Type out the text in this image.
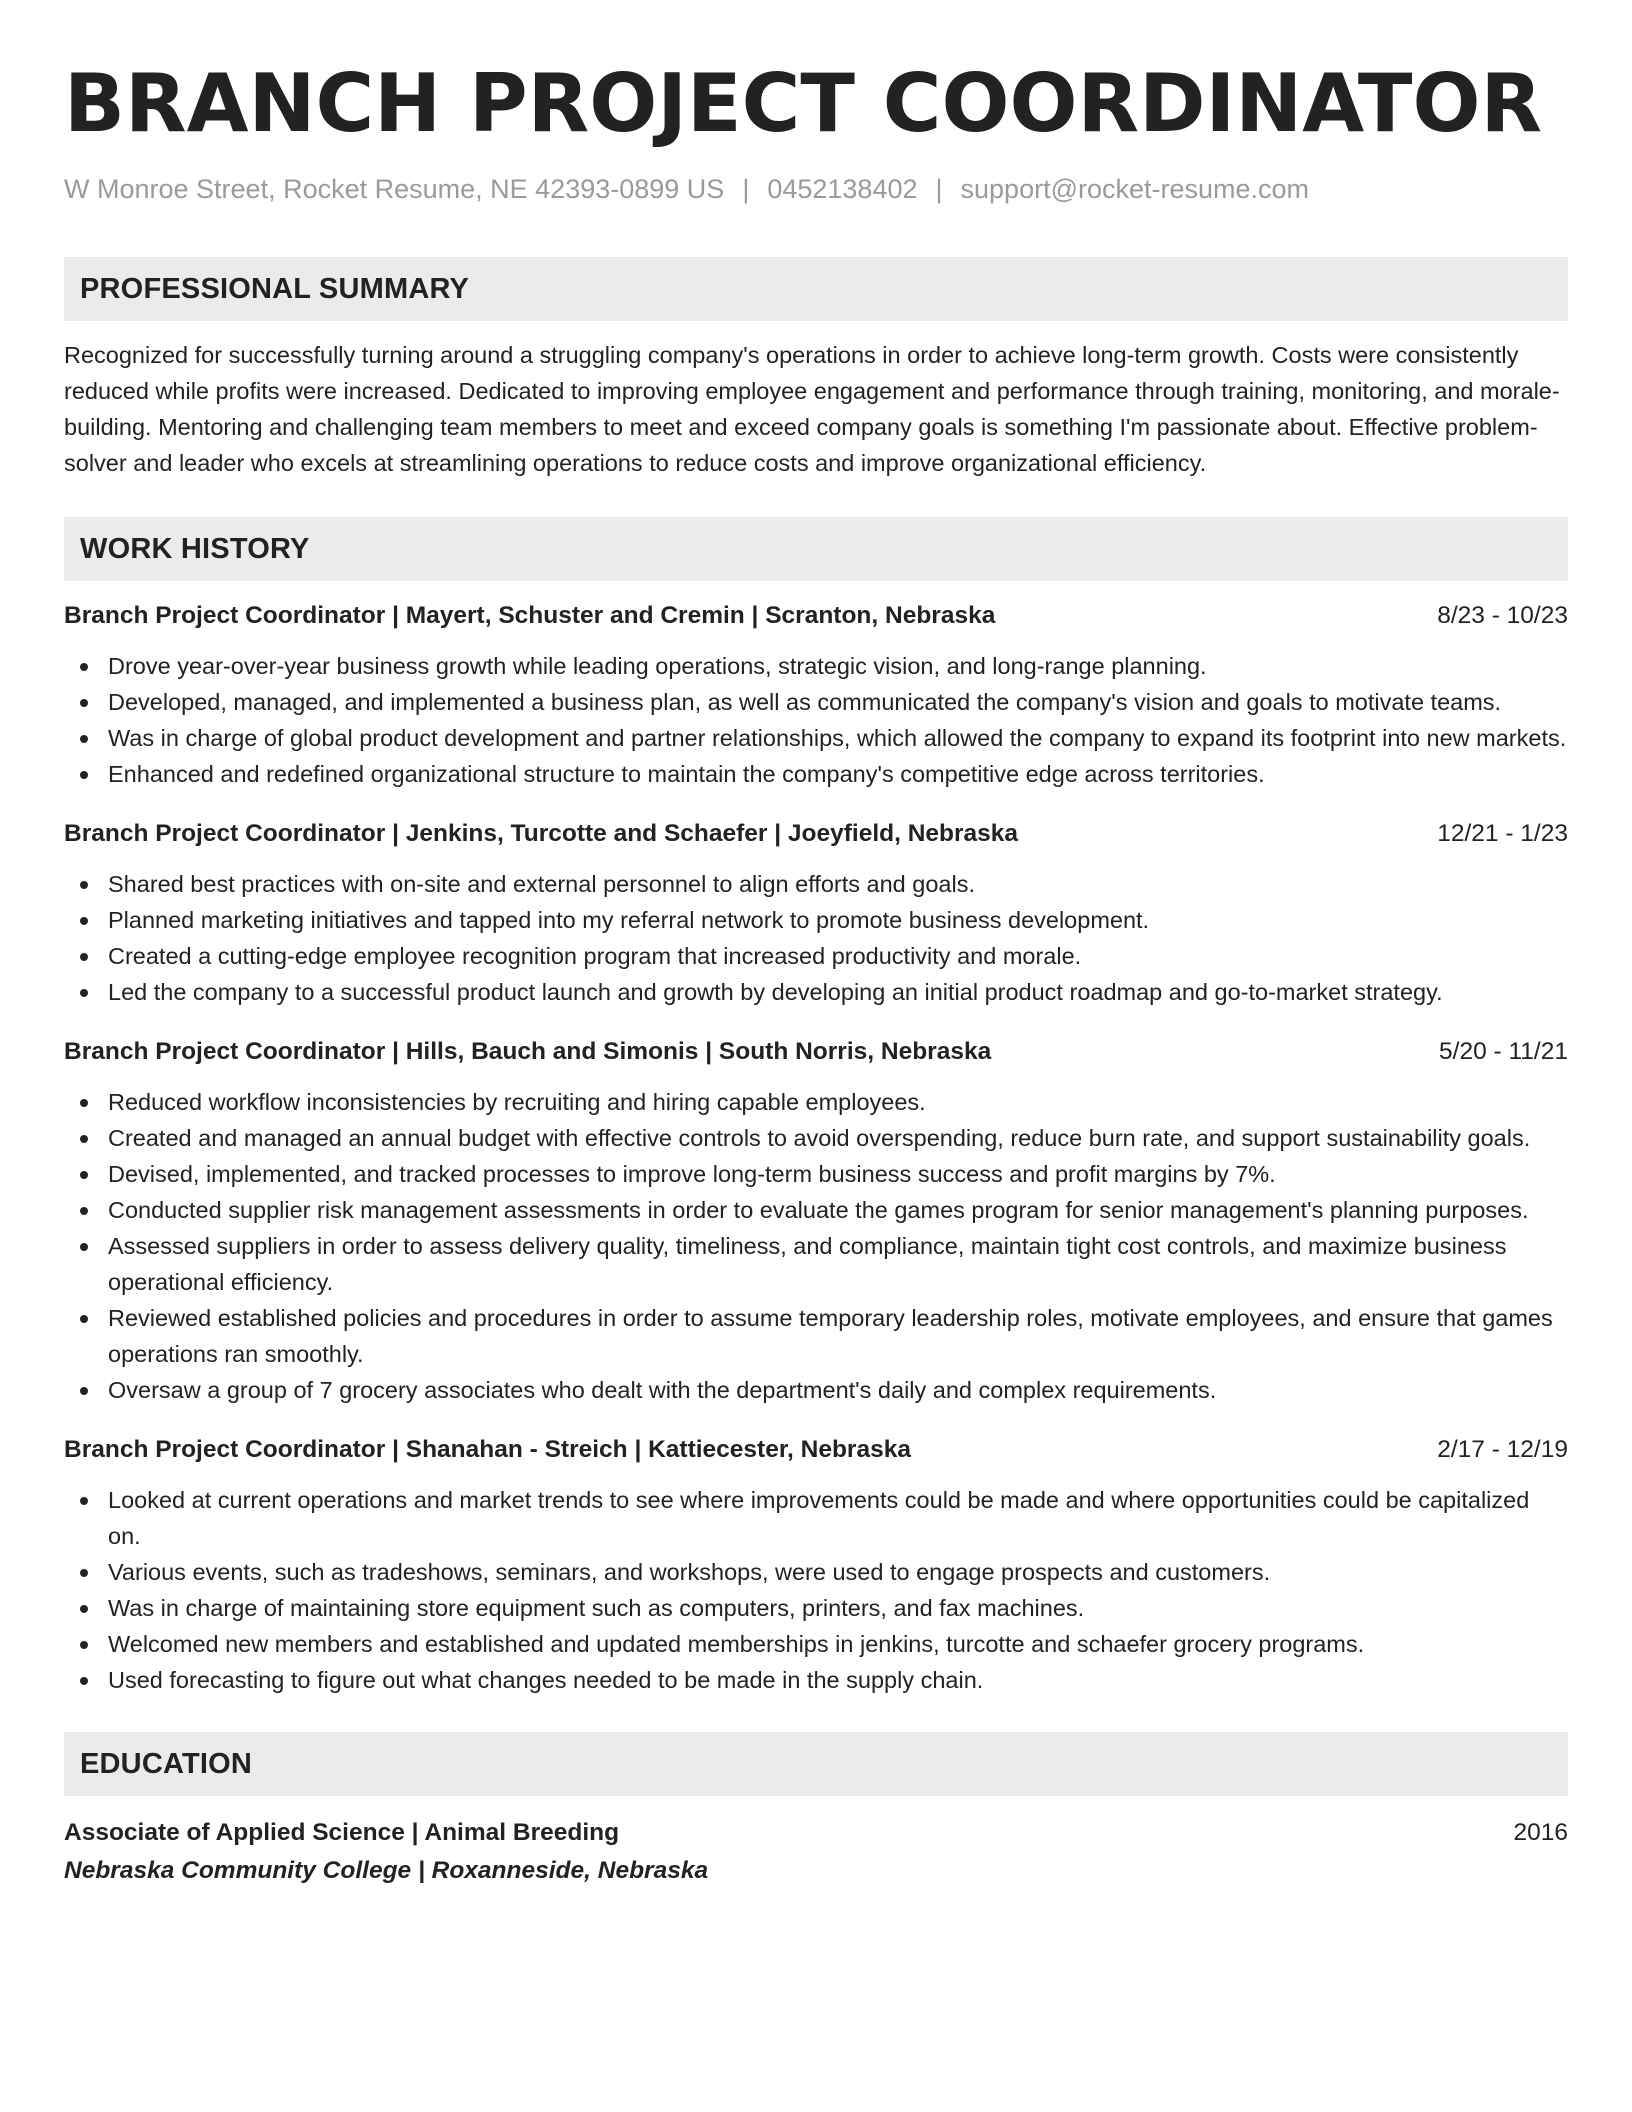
BRANCH PROJECT COORDINATOR
W Monroe Street, Rocket Resume, NE 42393-0899 US | 0452138402 | support@rocket-resume.com
PROFESSIONAL SUMMARY
Recognized for successfully turning around a struggling company's operations in order to achieve long-term growth. Costs were consistently reduced while profits were increased. Dedicated to improving employee engagement and performance through training, monitoring, and morale-building. Mentoring and challenging team members to meet and exceed company goals is something I'm passionate about. Effective problem-solver and leader who excels at streamlining operations to reduce costs and improve organizational efficiency.
WORK HISTORY
Branch Project Coordinator | Mayert, Schuster and Cremin | Scranton, Nebraska	8/23 - 10/23
Drove year-over-year business growth while leading operations, strategic vision, and long-range planning.
Developed, managed, and implemented a business plan, as well as communicated the company's vision and goals to motivate teams.
Was in charge of global product development and partner relationships, which allowed the company to expand its footprint into new markets.
Enhanced and redefined organizational structure to maintain the company's competitive edge across territories.
Branch Project Coordinator | Jenkins, Turcotte and Schaefer | Joeyfield, Nebraska	12/21 - 1/23
Shared best practices with on-site and external personnel to align efforts and goals.
Planned marketing initiatives and tapped into my referral network to promote business development.
Created a cutting-edge employee recognition program that increased productivity and morale.
Led the company to a successful product launch and growth by developing an initial product roadmap and go-to-market strategy.
Branch Project Coordinator | Hills, Bauch and Simonis | South Norris, Nebraska	5/20 - 11/21
Reduced workflow inconsistencies by recruiting and hiring capable employees.
Created and managed an annual budget with effective controls to avoid overspending, reduce burn rate, and support sustainability goals.
Devised, implemented, and tracked processes to improve long-term business success and profit margins by 7%.
Conducted supplier risk management assessments in order to evaluate the games program for senior management's planning purposes.
Assessed suppliers in order to assess delivery quality, timeliness, and compliance, maintain tight cost controls, and maximize business operational efficiency.
Reviewed established policies and procedures in order to assume temporary leadership roles, motivate employees, and ensure that games operations ran smoothly.
Oversaw a group of 7 grocery associates who dealt with the department's daily and complex requirements.
Branch Project Coordinator | Shanahan - Streich | Kattiecester, Nebraska	2/17 - 12/19
Looked at current operations and market trends to see where improvements could be made and where opportunities could be capitalized on.
Various events, such as tradeshows, seminars, and workshops, were used to engage prospects and customers.
Was in charge of maintaining store equipment such as computers, printers, and fax machines.
Welcomed new members and established and updated memberships in jenkins, turcotte and schaefer grocery programs.
Used forecasting to figure out what changes needed to be made in the supply chain.
EDUCATION
Associate of Applied Science | Animal Breeding	2016
Nebraska Community College | Roxanneside, Nebraska
